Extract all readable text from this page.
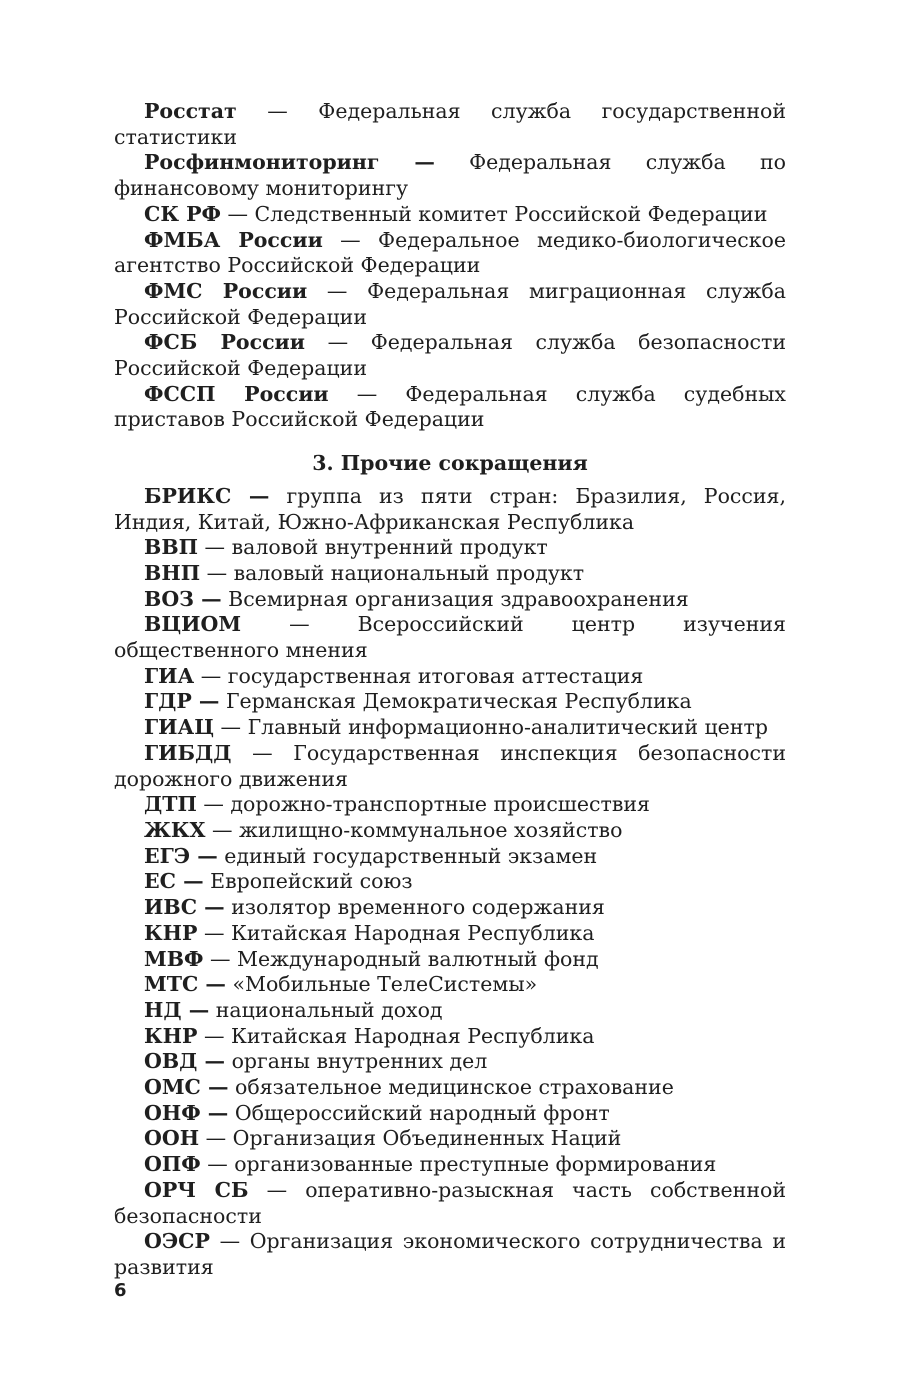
Росстат — Федеральная служба государственной статистики

Росфинмониторинг — Федеральная служба по финансовому мониторингу

СК РФ — Следственный комитет Российской Федерации

ФМБА России — Федеральное медико-биологическое агентство Российской Федерации

ФМС России — Федеральная миграционная служба Российской Федерации

ФСБ России — Федеральная служба безопасности Российской Федерации

ФССП России — Федеральная служба судебных приставов Российской Федерации

3. Прочие сокращения

БРИКС — группа из пяти стран: Бразилия, Россия, Индия, Китай, Южно-Африканская Республика

ВВП — валовой внутренний продукт

ВНП — валовый национальный продукт

ВОЗ — Всемирная организация здравоохранения

ВЦИОМ — Всероссийский центр изучения общественного мнения

ГИА — государственная итоговая аттестация

ГДР — Германская Демократическая Республика

ГИАЦ — Главный информационно-аналитический центр

ГИБДД — Государственная инспекция безопасности дорожного движения

ДТП — дорожно-транспортные происшествия

ЖКХ — жилищно-коммунальное хозяйство

ЕГЭ — единый государственный экзамен

ЕС — Европейский союз

ИВС — изолятор временного содержания

КНР — Китайская Народная Республика

МВФ — Международный валютный фонд

МТС — «Мобильные ТелеСистемы»

НД — национальный доход

КНР — Китайская Народная Республика

ОВД — органы внутренних дел

ОМС — обязательное медицинское страхование

ОНФ — Общероссийский народный фронт

ООН — Организация Объединенных Наций

ОПФ — организованные преступные формирования

ОРЧ СБ — оперативно-разыскная часть собственной безопасности

ОЭСР — Организация экономического сотрудничества и развития

6
